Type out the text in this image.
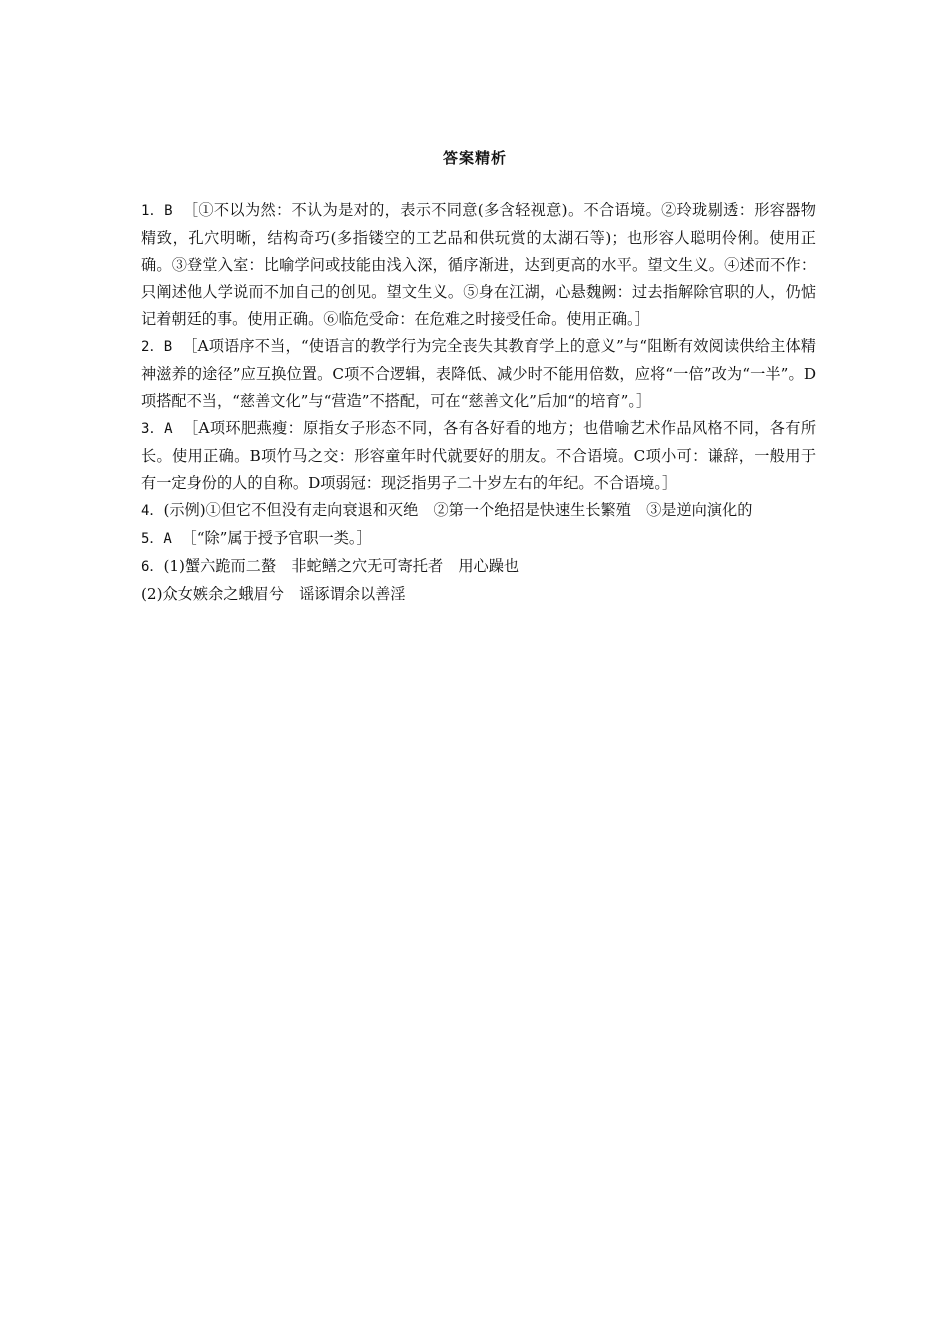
答案精析

1．B ［①不以为然：不认为是对的，表示不同意(多含轻视意)。不合语境。②玲珑剔透：形容器物精致，孔穴明晰，结构奇巧(多指镂空的工艺品和供玩赏的太湖石等)；也形容人聪明伶俐。使用正确。③登堂入室：比喻学问或技能由浅入深，循序渐进，达到更高的水平。望文生义。④述而不作：只阐述他人学说而不加自己的创见。望文生义。⑤身在江湖，心悬魏阙：过去指解除官职的人，仍惦记着朝廷的事。使用正确。⑥临危受命：在危难之时接受任命。使用正确。］

2．B ［A项语序不当，“使语言的教学行为完全丧失其教育学上的意义”与“阻断有效阅读供给主体精神滋养的途径”应互换位置。C项不合逻辑，表降低、减少时不能用倍数，应将“一倍”改为“一半”。D项搭配不当，“慈善文化”与“营造”不搭配，可在“慈善文化”后加“的培育”。］

3．A ［A项环肥燕瘦：原指女子形态不同，各有各好看的地方；也借喻艺术作品风格不同，各有所长。使用正确。B项竹马之交：形容童年时代就要好的朋友。不合语境。C项小可：谦辞，一般用于有一定身份的人的自称。D项弱冠：现泛指男子二十岁左右的年纪。不合语境。］

4．(示例)①但它不但没有走向衰退和灭绝　②第一个绝招是快速生长繁殖　③是逆向演化的

5．A ［“除”属于授予官职一类。］

6．(1)蟹六跪而二螯　非蛇鳝之穴无可寄托者　用心躁也

(2)众女嫉余之蛾眉兮　谣诼谓余以善淫
